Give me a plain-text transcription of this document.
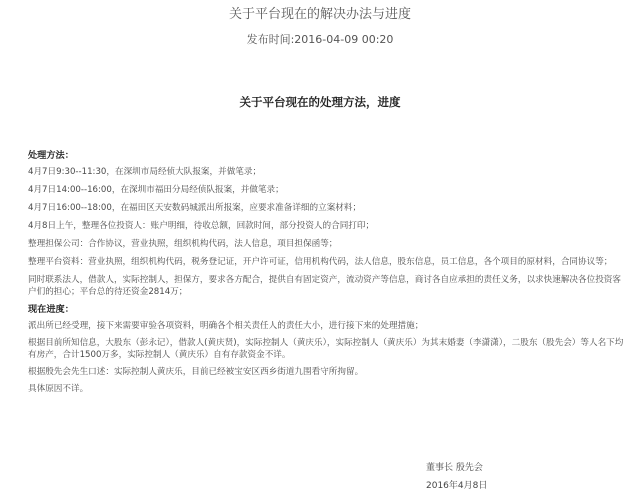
关于平台现在的解决办法与进度
发布时间:2016-04-09 00:20
关于平台现在的处理方法，进度
处理方法：
4月7日9:30--11:30，在深圳市局经侦大队报案，并做笔录；
4月7日14:00--16:00，在深圳市福田分局经侦队报案，并做笔录；
4月7日16:00--18:00，在福田区天安数码城派出所报案，应要求准备详细的立案材料；
4月8日上午，整理各位投资人：账户明细，待收总额，回款时间，部分投资人的合同打印；
整理担保公司：合作协议，营业执照，组织机构代码，法人信息，项目担保函等；
整理平台资料：营业执照，组织机构代码，税务登记证，开户许可证，信用机构代码，法人信息，股东信息，员工信息，各个项目的原材料，合同协议等；
同时联系法人，借款人，实际控制人，担保方，要求各方配合，提供自有固定资产，流动资产等信息，商讨各自应承担的责任义务，以求快速解决各位投资客户们的担心；平台总的待还资金2814万；
现在进度：
派出所已经受理，接下来需要审验各项资料，明确各个相关责任人的责任大小，进行接下来的处理措施；
根据目前所知信息，大股东（彭永记），借款人(黄庆贤)，实际控制人（黄庆乐），实际控制人（黄庆乐）为其末婚妻（李潇潇），二股东（股先会）等人名下均有房产，合计1500万多，实际控制人（黄庆乐）自有存款资金不详。
根据殷先会先生口述：实际控制人黄庆乐，目前已经被宝安区西乡街道九围看守所拘留。
具体原因不详。
董事长 殷先会
2016年4月8日
